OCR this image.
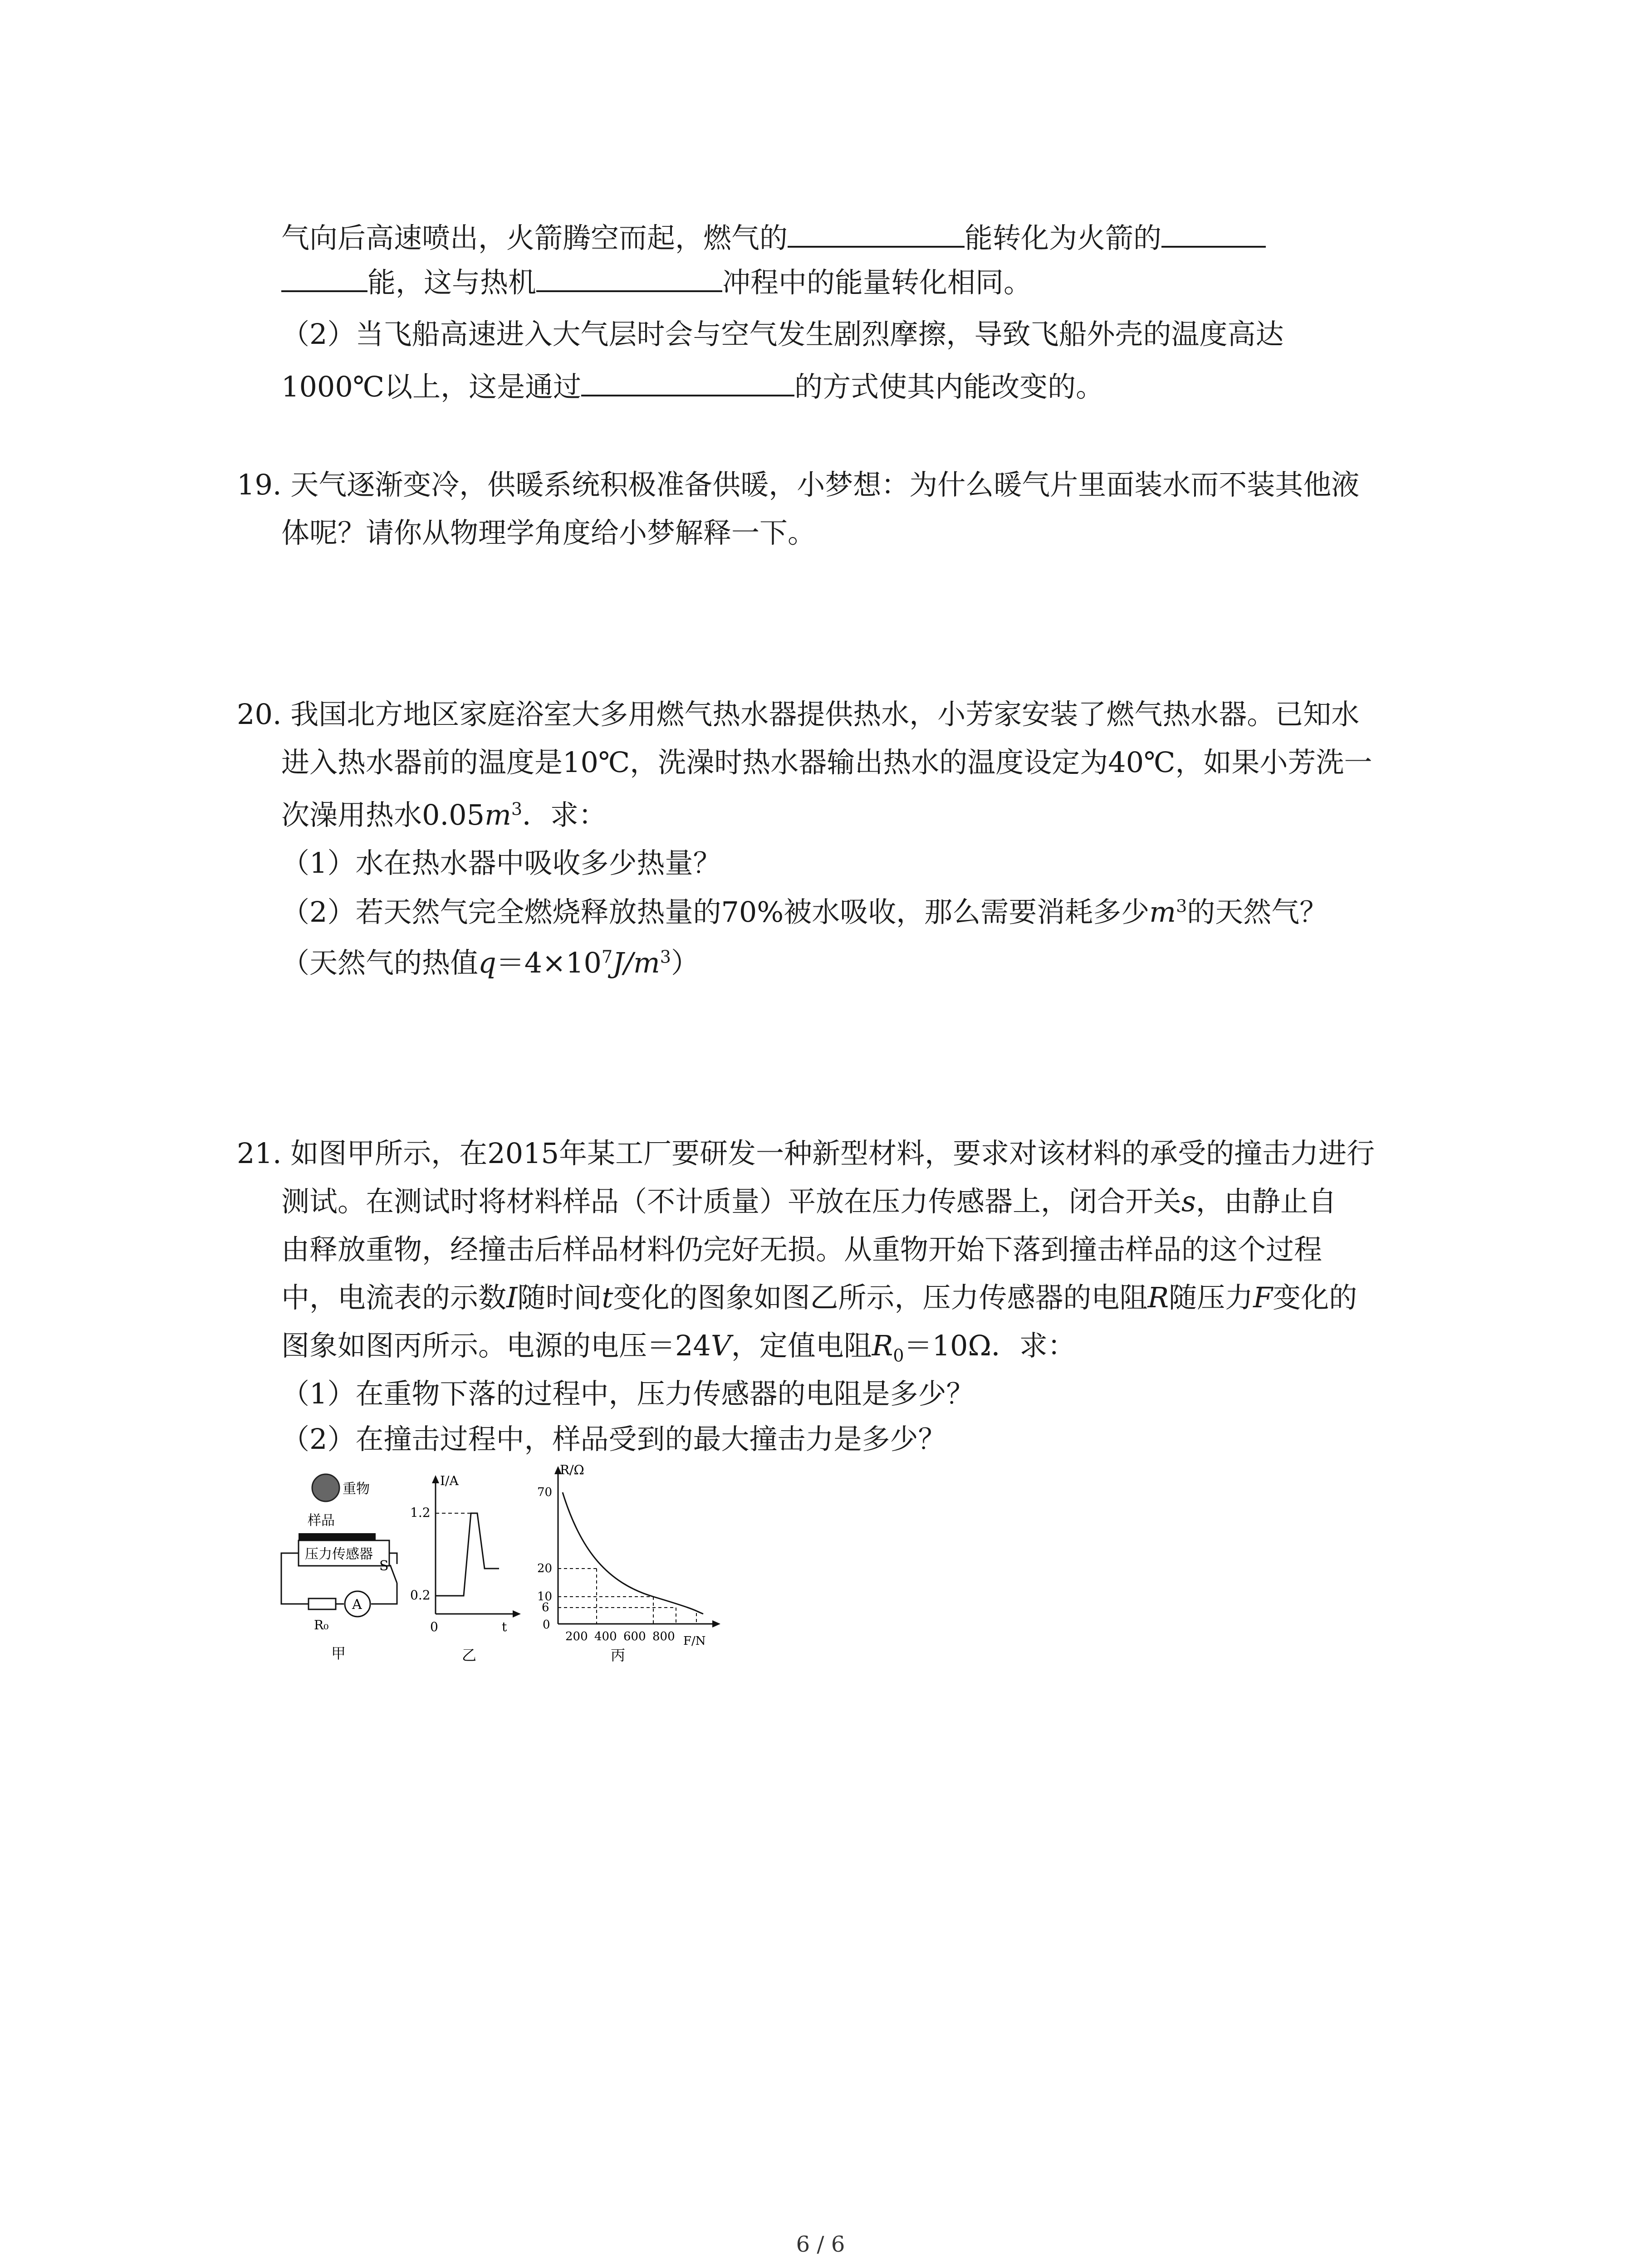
气向后高速喷出，火箭腾空而起，燃气的	能转化为火箭的
能，这与热机	冲程中的能量转化相同。
（2）当飞船高速进入大气层时会与空气发生剧烈摩擦，导致飞船外壳的温度高达
1000℃以上，这是通过	的方式使其内能改变的。
19. 天气逐渐变冷，供暖系统积极准备供暖，小梦想：为什么暖气片里面装水而不装其他液
体呢？请你从物理学角度给小梦解释一下。
20. 我国北方地区家庭浴室大多用燃气热水器提供热水，小芳家安装了燃气热水器。已知水
进入热水器前的温度是10℃，洗澡时热水器输出热水的温度设定为40℃，如果小芳洗一
次澡用热水$0.05m^3$．求：
（1）水在热水器中吸收多少热量？
（2）若天然气完全燃烧释放热量的70%被水吸收，那么需要消耗多少$m^3$的天然气？
（天然气的热值$q=4\times 10^7J/m^3$）
21. 如图甲所示，在2015年某工厂要研发一种新型材料，要求对该材料的承受的撞击力进行
测试。在测试时将材料样品（不计质量）平放在压力传感器上，闭合开关s，由静止自
由释放重物，经撞击后样品材料仍完好无损。从重物开始下落到撞击样品的这个过程
中，电流表的示数I随时间t变化的图象如图乙所示，压力传感器的电阻R随压力F变化的
图象如图丙所示。电源的电压＝24V，定值电阻$R_0=10\Omega$．求：
（1）在重物下落的过程中，压力传感器的电阻是多少？
（2）在撞击过程中，样品受到的最大撞击力是多少？
重物
样品
压力传感器
S
A
R₀
甲
I/A
1.2
0.2
0	t
乙
R/Ω
70
20
10
6
0
200 400 600 800 F/N
丙
6 / 6
